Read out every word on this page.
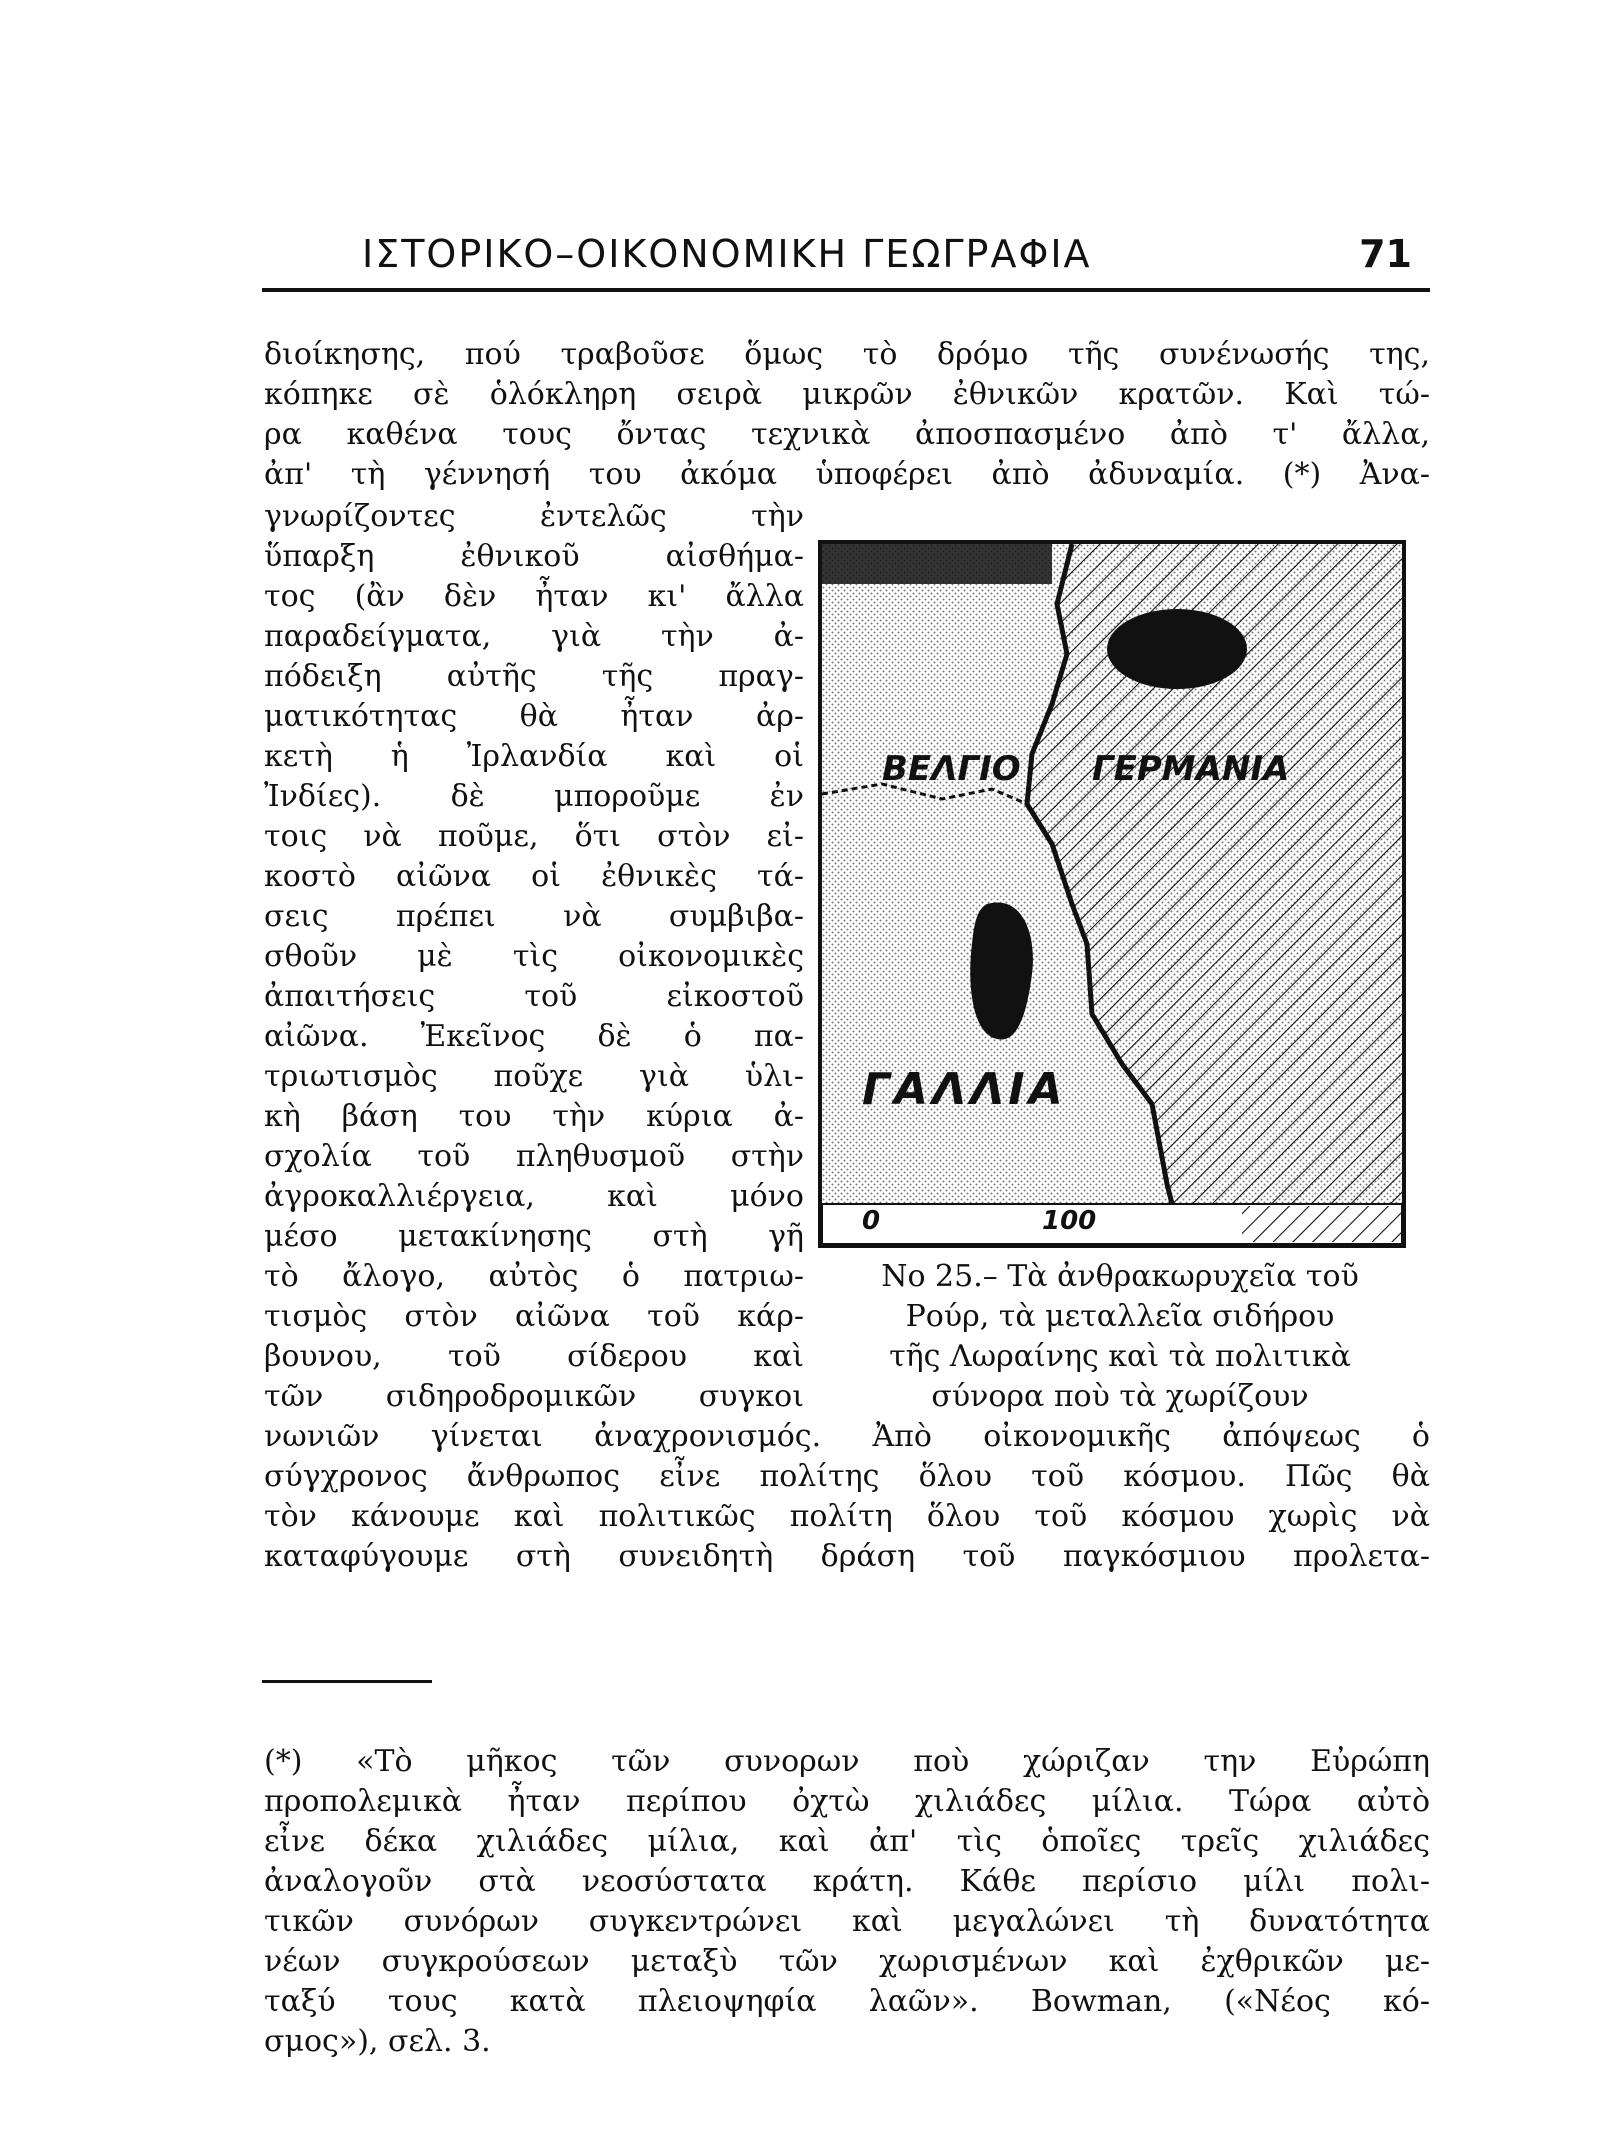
ΙΣΤΟΡΙΚΟ–ΟΙΚΟΝΟΜΙΚΗ ΓΕΩΓΡΑΦΙΑ	71
διοίκησης, πού τραβοῦσε ὅμως τὸ δρόμο τῆς συνένωσής της,
κόπηκε σὲ ὁλόκληρη σειρὰ μικρῶν ἐθνικῶν κρατῶν. Καὶ τώ-
ρα καθένα τους ὄντας τεχνικὰ ἀποσπασμένο ἀπὸ τ' ἄλλα,
ἀπ' τὴ γέννησή του ἀκόμα ὑποφέρει ἀπὸ ἀδυναμία. (*) Ἀνα-
γνωρίζοντες ἐντελῶς τὴν
ὕπαρξη ἐθνικοῦ αἰσθήμα-
τος (ἂν δὲν ἦταν κι' ἄλλα
παραδείγματα, γιὰ τὴν ἀ-
πόδειξη αὐτῆς τῆς πραγ-
ματικότητας θὰ ἦταν ἀρ-
κετὴ ἡ Ἰρλανδία καὶ οἱ
Ἰνδίες). δὲ μποροῦμε ἐν
τοις νὰ ποῦμε, ὅτι στὸν εἰ-
κοστὸ αἰῶνα οἱ ἐθνικὲς τά-
σεις πρέπει νὰ συμβιβα-
σθοῦν μὲ τὶς οἰκονομικὲς
ἀπαιτήσεις τοῦ εἰκοστοῦ
αἰῶνα. Ἐκεῖνος δὲ ὁ πα-
τριωτισμὸς ποῦχε γιὰ ὑλι-
κὴ βάση του τὴν κύρια ἀ-
σχολία τοῦ πληθυσμοῦ στὴν
ἀγροκαλλιέργεια, καὶ μόνο
μέσο μετακίνησης στὴ γῆ
τὸ ἄλογο, αὐτὸς ὁ πατριω-
τισμὸς στὸν αἰῶνα τοῦ κάρ-
βουνου, τοῦ σίδερου καὶ
τῶν σιδηροδρομικῶν συγκοι
ΒΕΛΓΙΟ ΓΕΡΜΑΝΙΑ
ΓΑΛΛΙΑ
0	100
Νο 25.– Τὰ ἀνθρακωρυχεῖα τοῦ
Ρούρ, τὰ μεταλλεῖα σιδήρου
τῆς Λωραίνης καὶ τὰ πολιτικὰ
σύνορα ποὺ τὰ χωρίζουν
νωνιῶν γίνεται ἀναχρονισμός. Ἀπὸ οἰκονομικῆς ἀπόψεως ὁ
σύγχρονος ἄνθρωπος εἶνε πολίτης ὅλου τοῦ κόσμου. Πῶς θὰ
τὸν κάνουμε καὶ πολιτικῶς πολίτη ὅλου τοῦ κόσμου χωρὶς νὰ
καταφύγουμε στὴ συνειδητὴ δράση τοῦ παγκόσμιου προλετα-
(*) «Τὸ μῆκος τῶν συνορων ποὺ χώριζαν την Εὐρώπη
προπολεμικὰ ἦταν περίπου ὀχτὼ χιλιάδες μίλια. Τώρα αὐτὸ
εἶνε δέκα χιλιάδες μίλια, καὶ ἀπ' τὶς ὁποῖες τρεῖς χιλιάδες
ἀναλογοῦν στὰ νεοσύστατα κράτη. Κάθε περίσιο μίλι πολι-
τικῶν συνόρων συγκεντρώνει καὶ μεγαλώνει τὴ δυνατότητα
νέων συγκρούσεων μεταξὺ τῶν χωρισμένων καὶ ἐχθρικῶν με-
ταξύ τους κατὰ πλειοψηφία λαῶν». Bowman, («Νέος κό-
σμος»), σελ. 3.
